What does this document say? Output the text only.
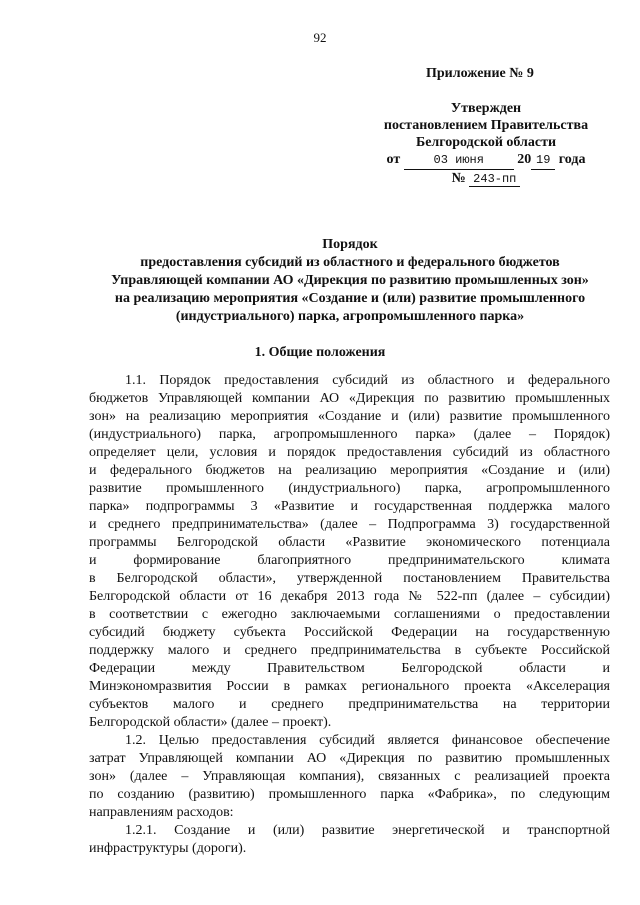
92
Приложение № 9
Утвержден
постановлением Правительства
Белгородской области
от	03 июня 20 19 года
№ 243-пп
Порядок
предоставления субсидий из областного и федерального бюджетов
Управляющей компании АО «Дирекция по развитию промышленных зон»
на реализацию мероприятия «Создание и (или) развитие промышленного
(индустриального) парка, агропромышленного парка»
1. Общие положения
1.1. Порядок предоставления субсидий из областного и федерального
бюджетов Управляющей компании АО «Дирекция по развитию промышленных
зон» на реализацию мероприятия «Создание и (или) развитие промышленного
(индустриального) парка, агропромышленного парка» (далее – Порядок)
определяет цели, условия и порядок предоставления субсидий из областного
и федерального бюджетов на реализацию мероприятия «Создание и (или)
развитие промышленного (индустриального) парка, агропромышленного
парка» подпрограммы 3 «Развитие и государственная поддержка малого
и среднего предпринимательства» (далее – Подпрограмма 3) государственной
программы Белгородской области «Развитие экономического потенциала
и формирование благоприятного предпринимательского климата
в Белгородской области», утвержденной постановлением Правительства
Белгородской области от 16 декабря 2013 года № 522-пп (далее – субсидии)
в соответствии с ежегодно заключаемыми соглашениями о предоставлении
субсидий бюджету субъекта Российской Федерации на государственную
поддержку малого и среднего предпринимательства в субъекте Российской
Федерации между Правительством Белгородской области и
Минэкономразвития России в рамках регионального проекта «Акселерация
субъектов малого и среднего предпринимательства на территории
Белгородской области» (далее – проект).
1.2. Целью предоставления субсидий является финансовое обеспечение
затрат Управляющей компании АО «Дирекция по развитию промышленных
зон» (далее – Управляющая компания), связанных с реализацией проекта
по созданию (развитию) промышленного парка «Фабрика», по следующим
направлениям расходов:
1.2.1. Создание и (или) развитие энергетической и транспортной
инфраструктуры (дороги).
